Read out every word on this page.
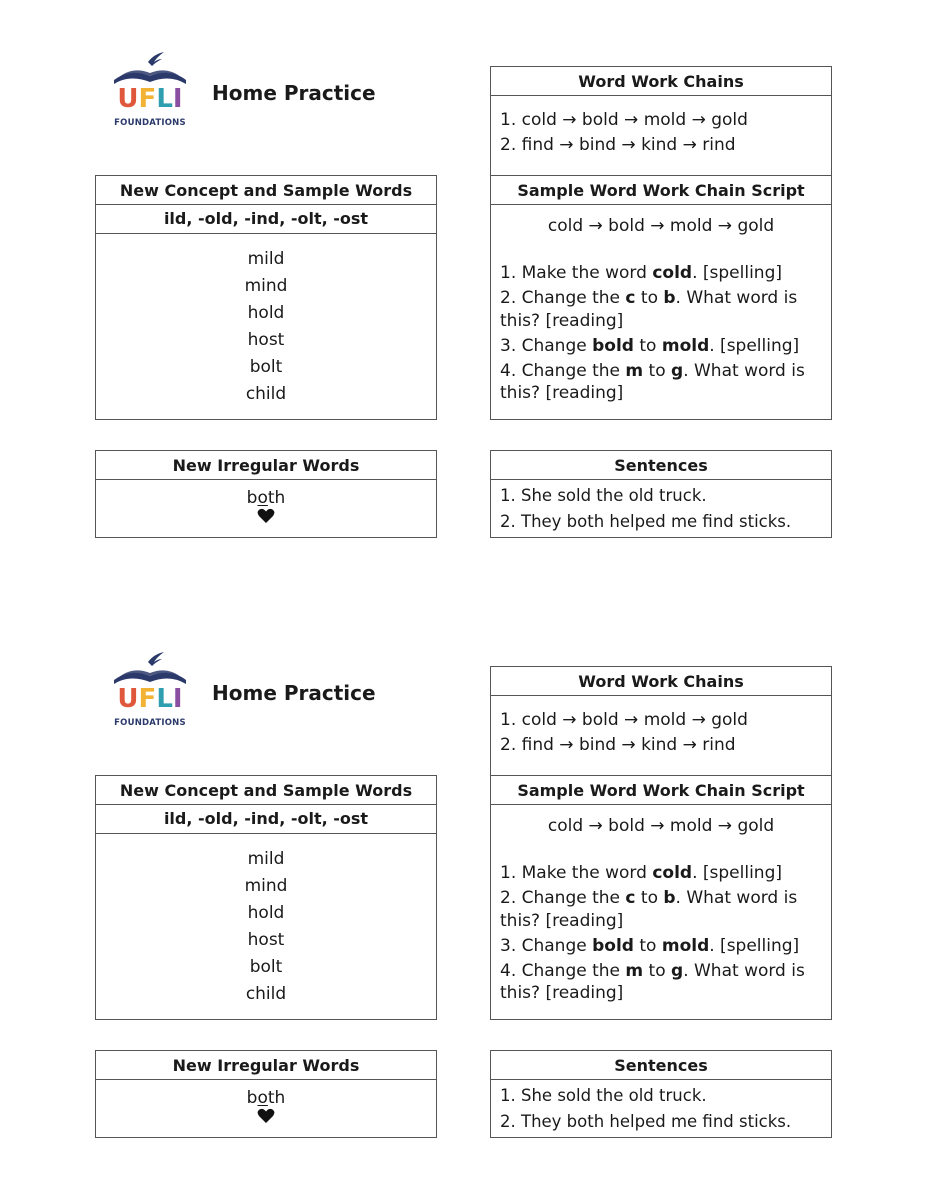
UFLI
FOUNDATIONS
Home Practice
New Concept and Sample Words
ild, -old, -ind, -olt, -ost
mild
mind
hold
host
bolt
child
New Irregular Words
both
Word Work Chains
1. cold → bold → mold → gold
2. find → bind → kind → rind
Sample Word Work Chain Script
cold → bold → mold → gold
1. Make the word cold. [spelling]
2. Change the c to b. What word is this? [reading]
3. Change bold to mold. [spelling]
4. Change the m to g. What word is this? [reading]
Sentences
1. She sold the old truck.
2. They both helped me find sticks.
UFLI
FOUNDATIONS
Home Practice
New Concept and Sample Words
ild, -old, -ind, -olt, -ost
mild
mind
hold
host
bolt
child
New Irregular Words
both
Word Work Chains
1. cold → bold → mold → gold
2. find → bind → kind → rind
Sample Word Work Chain Script
cold → bold → mold → gold
1. Make the word cold. [spelling]
2. Change the c to b. What word is this? [reading]
3. Change bold to mold. [spelling]
4. Change the m to g. What word is this? [reading]
Sentences
1. She sold the old truck.
2. They both helped me find sticks.
